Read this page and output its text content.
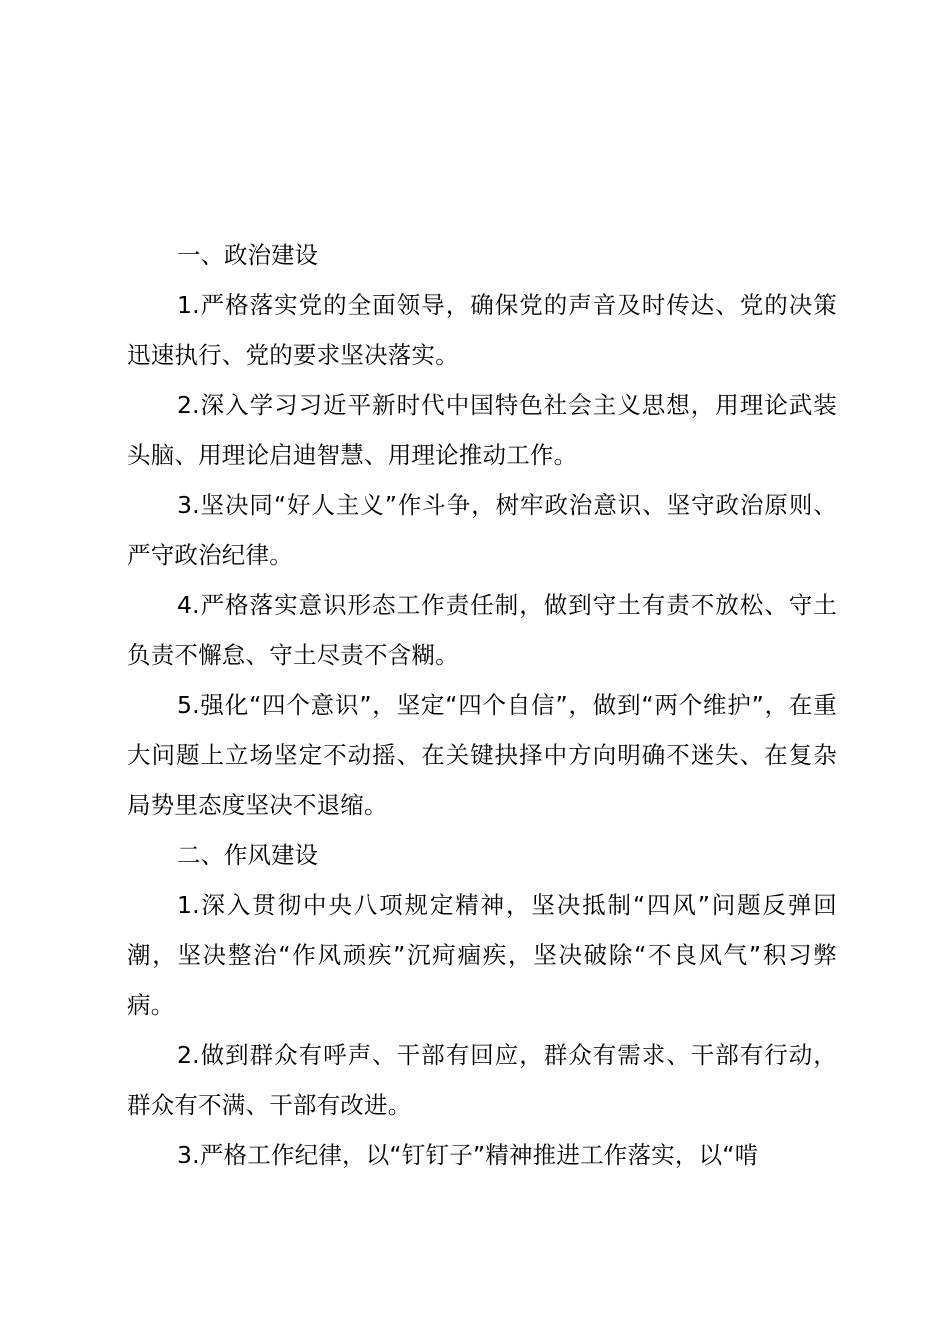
一、政治建设

1.严格落实党的全面领导，确保党的声音及时传达、党的决策迅速执行、党的要求坚决落实。

2.深入学习习近平新时代中国特色社会主义思想，用理论武装头脑、用理论启迪智慧、用理论推动工作。

3.坚决同“好人主义”作斗争，树牢政治意识、坚守政治原则、严守政治纪律。

4.严格落实意识形态工作责任制，做到守土有责不放松、守土负责不懈怠、守土尽责不含糊。

5.强化“四个意识”，坚定“四个自信”，做到“两个维护”，在重大问题上立场坚定不动摇、在关键抉择中方向明确不迷失、在复杂局势里态度坚决不退缩。

二、作风建设

1.深入贯彻中央八项规定精神，坚决抵制“四风”问题反弹回潮，坚决整治“作风顽疾”沉疴痼疾，坚决破除“不良风气”积习弊病。

2.做到群众有呼声、干部有回应，群众有需求、干部有行动，群众有不满、干部有改进。

3.严格工作纪律，以“钉钉子”精神推进工作落实，以“啃
